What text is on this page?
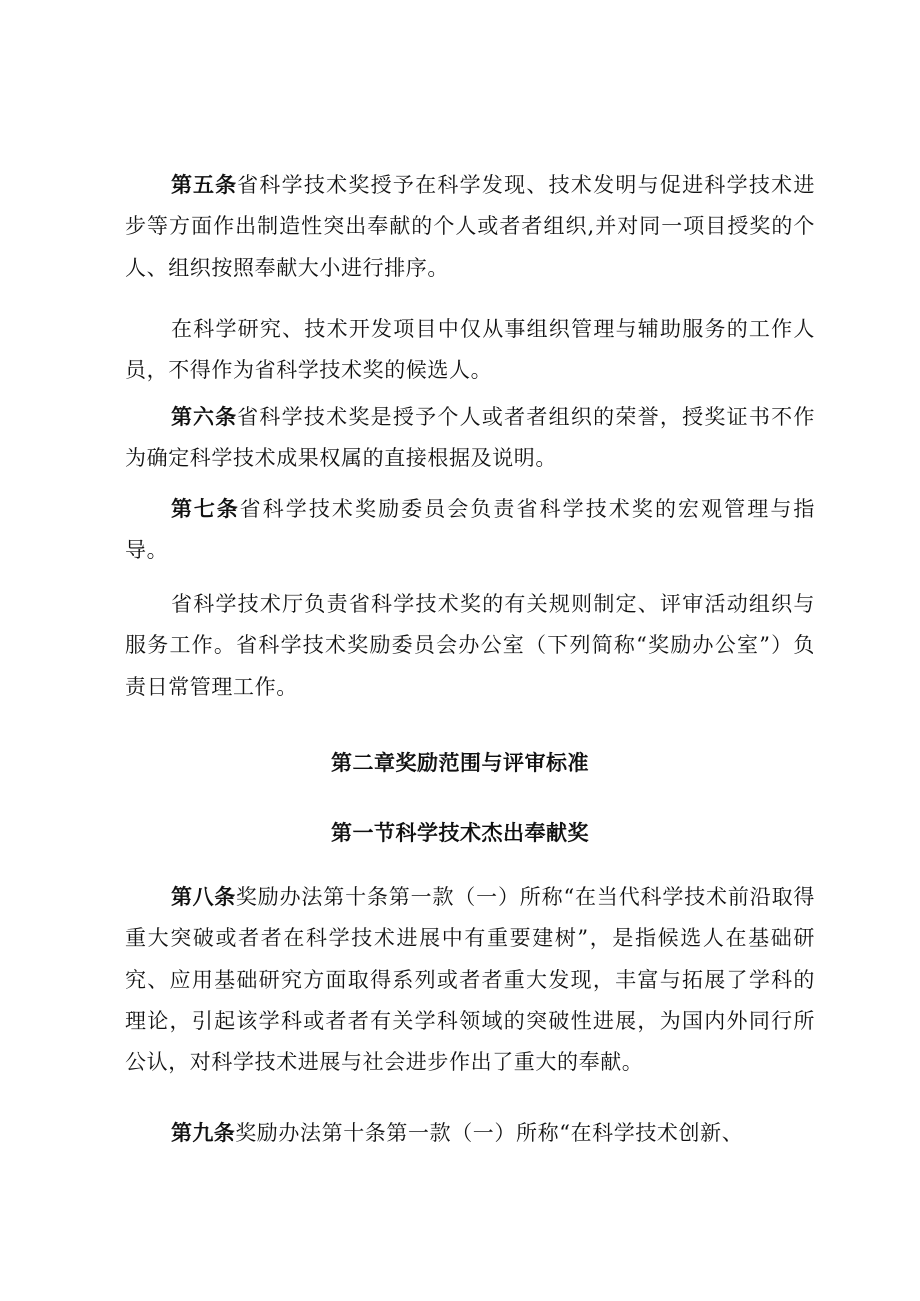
第五条省科学技术奖授予在科学发现、技术发明与促进科学技术进步等方面作出制造性突出奉献的个人或者者组织,并对同一项目授奖的个人、组织按照奉献大小进行排序。

在科学研究、技术开发项目中仅从事组织管理与辅助服务的工作人员，不得作为省科学技术奖的候选人。

第六条省科学技术奖是授予个人或者者组织的荣誉，授奖证书不作为确定科学技术成果权属的直接根据及说明。

第七条省科学技术奖励委员会负责省科学技术奖的宏观管理与指导。

省科学技术厅负责省科学技术奖的有关规则制定、评审活动组织与服务工作。省科学技术奖励委员会办公室（下列简称“奖励办公室”）负责日常管理工作。

第二章奖励范围与评审标准
第一节科学技术杰出奉献奖

第八条奖励办法第十条第一款（一）所称“在当代科学技术前沿取得重大突破或者者在科学技术进展中有重要建树”，是指候选人在基础研究、应用基础研究方面取得系列或者者重大发现，丰富与拓展了学科的理论，引起该学科或者者有关学科领域的突破性进展，为国内外同行所公认，对科学技术进展与社会进步作出了重大的奉献。

第九条奖励办法第十条第一款（一）所称“在科学技术创新、
